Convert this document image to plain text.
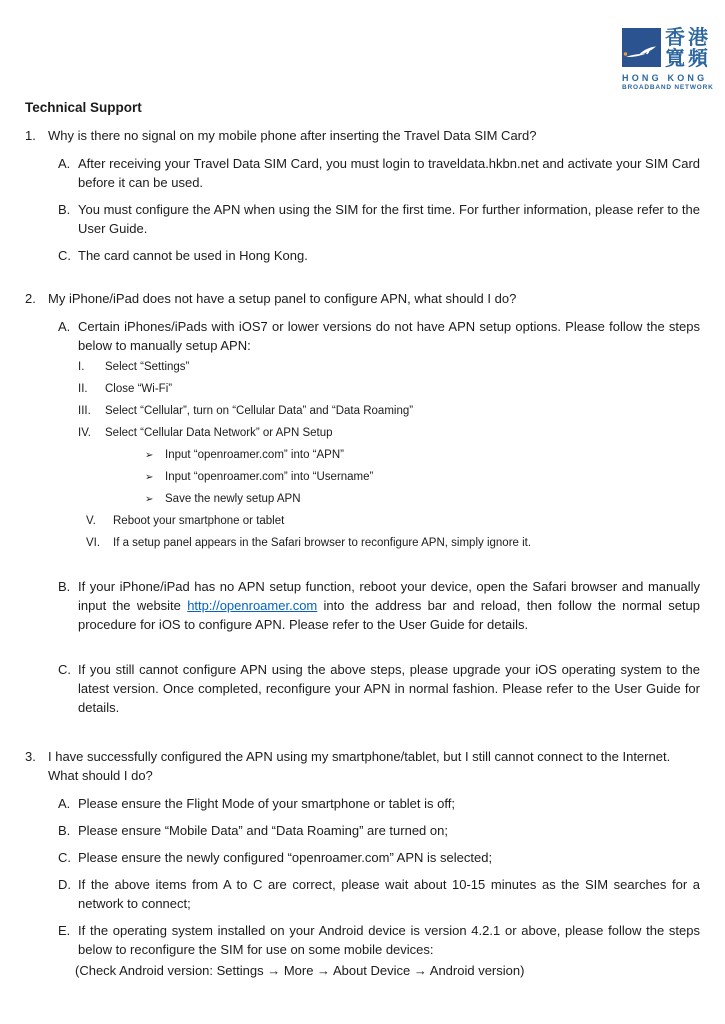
香港
寬頻
HONG KONG
BROADBAND NETWORK
Technical Support
1. Why is there no signal on my mobile phone after inserting the Travel Data SIM Card?
A. After receiving your Travel Data SIM Card, you must login to traveldata.hkbn.net and activate your SIM Card before it can be used.
B. You must configure the APN when using the SIM for the first time. For further information, please refer to the User Guide.
C. The card cannot be used in Hong Kong.
2. My iPhone/iPad does not have a setup panel to configure APN, what should I do?
A. Certain iPhones/iPads with iOS7 or lower versions do not have APN setup options. Please follow the steps below to manually setup APN:
I.	Select “Settings”
II.	Close “Wi-Fi”
III.	Select “Cellular”, turn on “Cellular Data” and “Data Roaming”
IV.	Select “Cellular Data Network” or APN Setup
➢	Input “openroamer.com” into “APN”
➢	Input “openroamer.com” into “Username”
➢	Save the newly setup APN
V.	Reboot your smartphone or tablet
VI.	If a setup panel appears in the Safari browser to reconfigure APN, simply ignore it.
B. If your iPhone/iPad has no APN setup function, reboot your device, open the Safari browser and manually input the website http://openroamer.com into the address bar and reload, then follow the normal setup procedure for iOS to configure APN. Please refer to the User Guide for details.
C. If you still cannot configure APN using the above steps, please upgrade your iOS operating system to the latest version. Once completed, reconfigure your APN in normal fashion. Please refer to the User Guide for details.
3. I have successfully configured the APN using my smartphone/tablet, but I still cannot connect to the Internet. What should I do?
A. Please ensure the Flight Mode of your smartphone or tablet is off;
B. Please ensure “Mobile Data” and “Data Roaming” are turned on;
C. Please ensure the newly configured “openroamer.com” APN is selected;
D. If the above items from A to C are correct, please wait about 10-15 minutes as the SIM searches for a network to connect;
E. If the operating system installed on your Android device is version 4.2.1 or above, please follow the steps below to reconfigure the SIM for use on some mobile devices:
(Check Android version: Settings → More → About Device → Android version)
